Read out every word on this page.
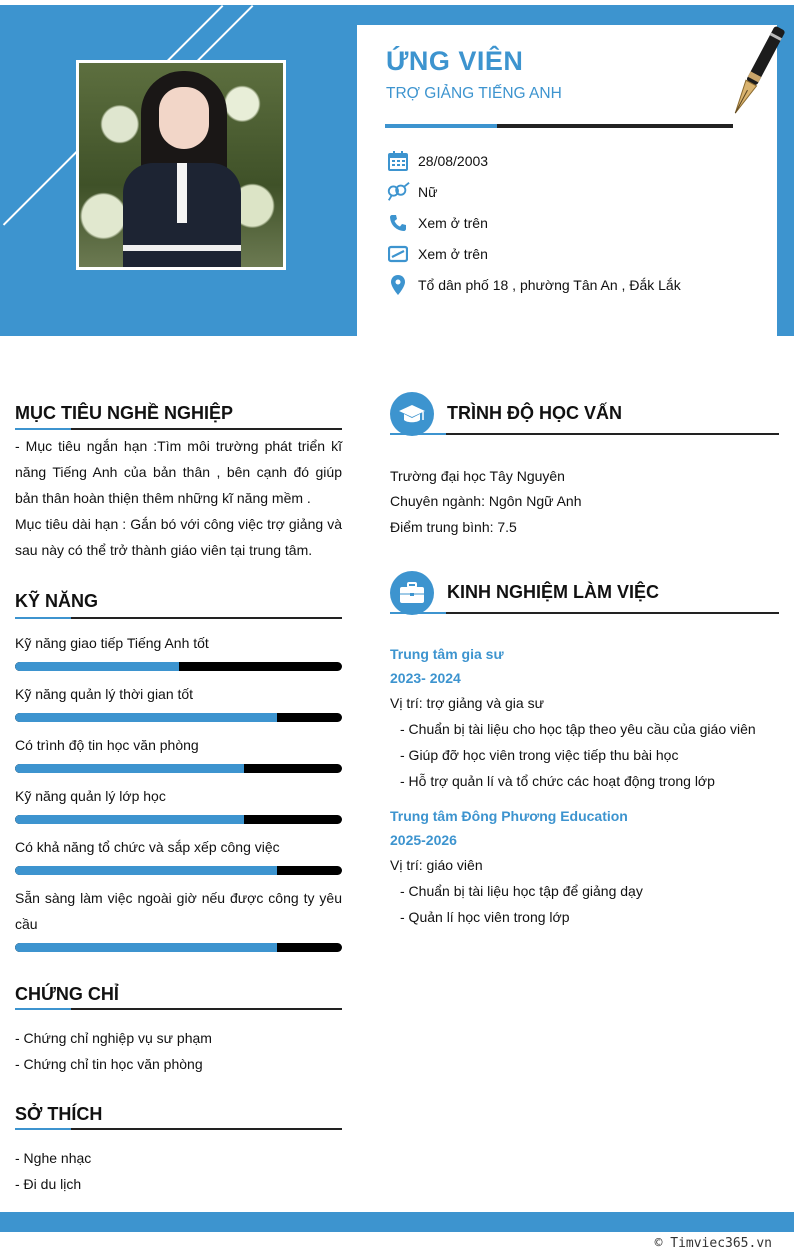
ỨNG VIÊN
TRỢ GIẢNG TIẾNG ANH
28/08/2003
Nữ
Xem ở trên
Xem ở trên
Tổ dân phố 18 , phường Tân An , Đắk Lắk
MỤC TIÊU NGHỀ NGHIỆP
- Mục tiêu ngắn hạn :Tìm môi trường phát triển kĩ năng Tiếng Anh của bản thân , bên cạnh đó giúp bản thân hoàn thiện thêm những kĩ năng mềm .
Mục tiêu dài hạn : Gắn bó với công việc trợ giảng và sau này có thể trở thành giáo viên tại trung tâm.
KỸ NĂNG
Kỹ năng giao tiếp Tiếng Anh tốt
Kỹ năng quản lý thời gian tốt
Có trình độ tin học văn phòng
Kỹ năng quản lý lớp học
Có khả năng tổ chức và sắp xếp công việc
Sẵn sàng làm việc ngoài giờ nếu được công ty yêu cầu
CHỨNG CHỈ
- Chứng chỉ nghiệp vụ sư phạm
- Chứng chỉ tin học văn phòng
SỞ THÍCH
- Nghe nhạc
- Đi du lịch
TRÌNH ĐỘ HỌC VẤN
Trường đại học Tây Nguyên
Chuyên ngành: Ngôn Ngữ Anh
Điểm trung bình: 7.5
KINH NGHIỆM LÀM VIỆC
Trung tâm gia sư
2023- 2024
Vị trí: trợ giảng và gia sư
- Chuẩn bị tài liệu cho học tập theo yêu cầu của giáo viên
- Giúp đỡ học viên trong việc tiếp thu bài học
- Hỗ trợ quản lí và tổ chức các hoạt động trong lớp
Trung tâm Đông Phương Education
2025-2026
Vị trí: giáo viên
- Chuẩn bị tài liệu học tập để giảng dạy
- Quản lí học viên trong lớp
© Timviec365.vn
